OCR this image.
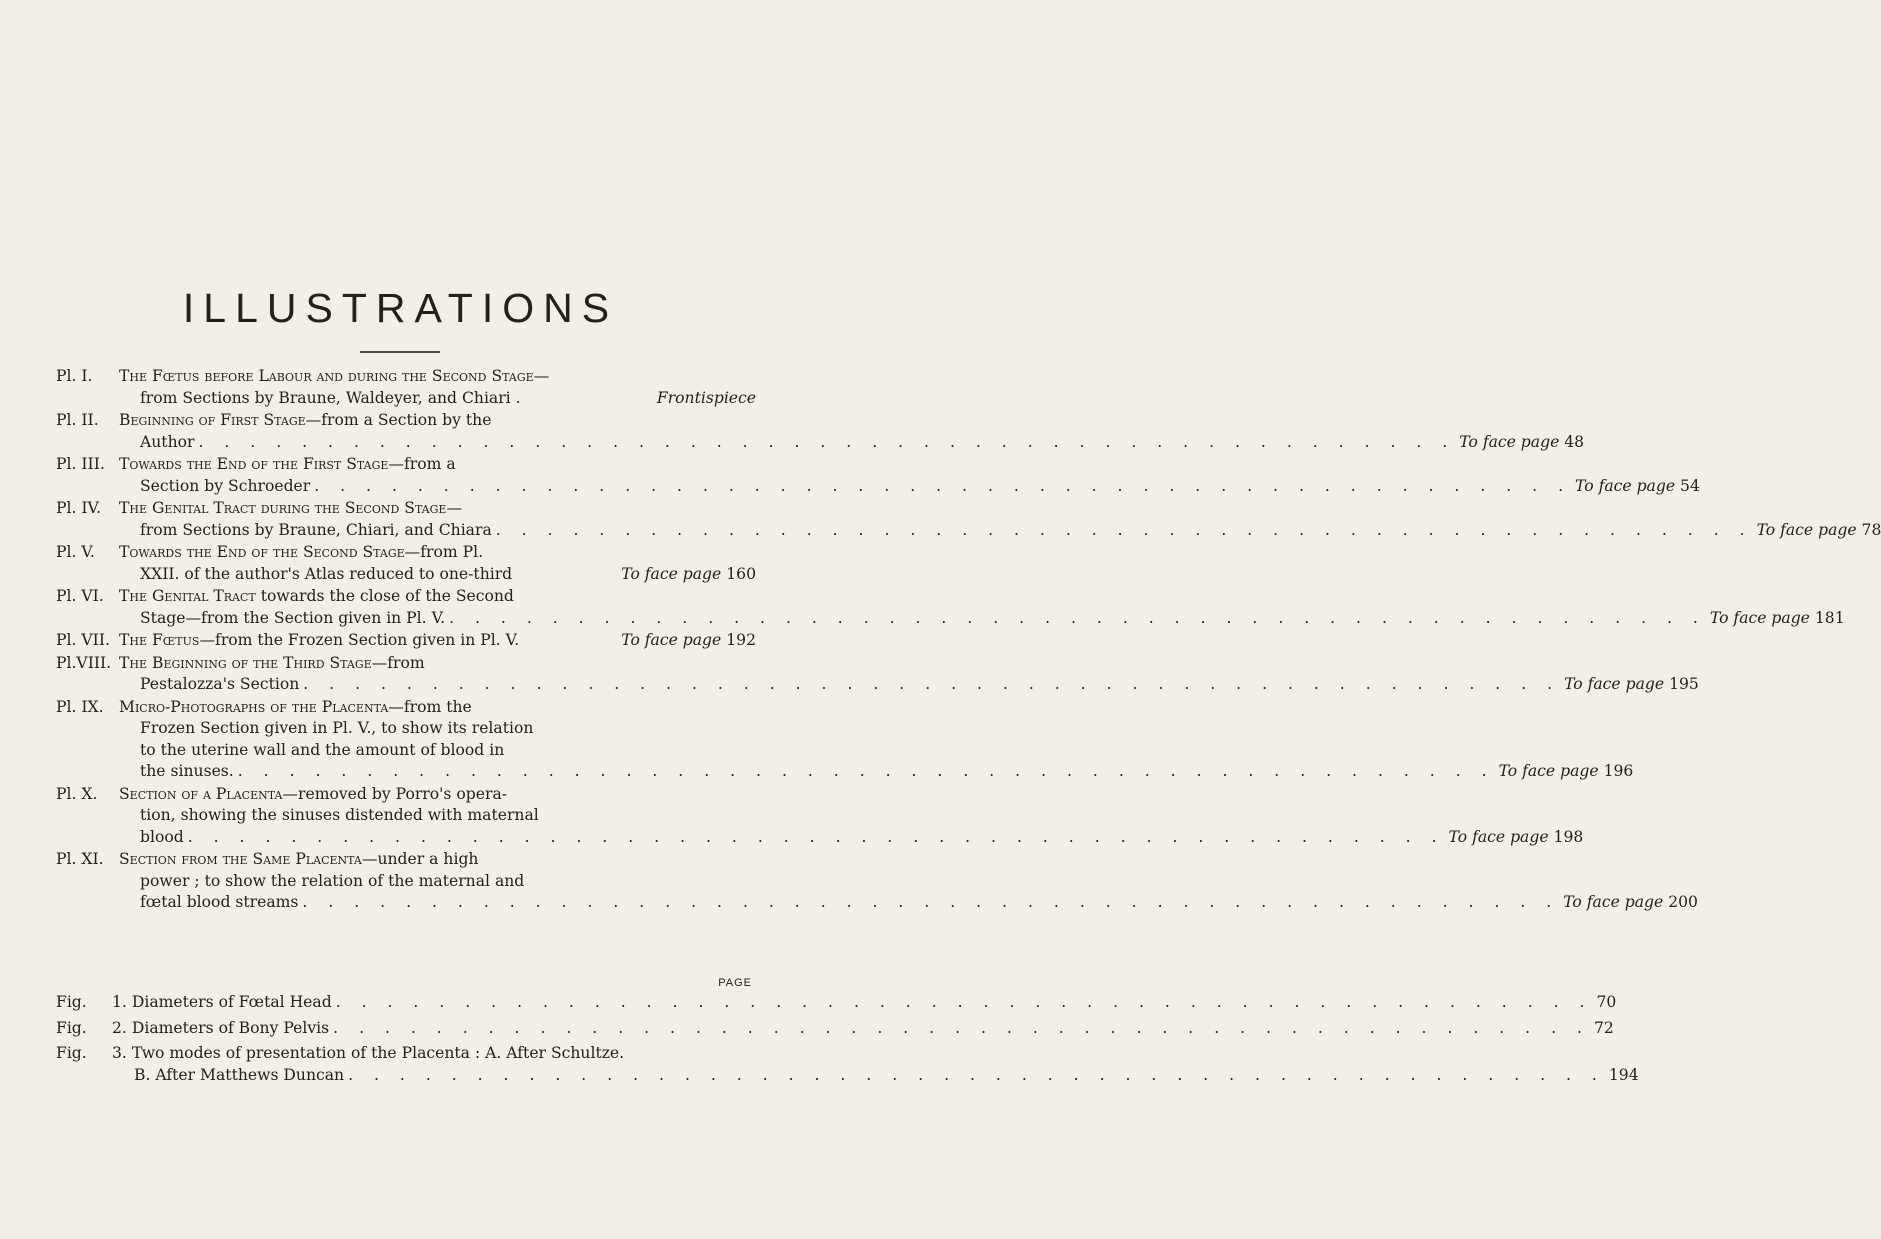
ILLUSTRATIONS
Pl. I. The Fœtus before Labour and during the Second Stage—
from Sections by Braune, Waldeyer, and Chiari .	Frontispiece
Pl. II. Beginning of First Stage —from a Section by the
Author . . . . . . . . . . . . . . . . . . . . . . . . . . . . . . . . . . . . . . . . . . . . . . . . . To face page 48
Pl. III. Towards the End of the First Stage —from a
Section by Schroeder . . . . . . . . . . . . . . . . . . . . . . . . . . . . . . . . . . . . . . . . . . . . . . . . . To face page 54
Pl. IV. The Genital Tract during the Second Stage—
from Sections by Braune, Chiari, and Chiara . . . . . . . . . . . . . . . . . . . . . . . . . . . . . . . . . . . . . . . . . . . . . . . . . To face page 78
Pl. V. Towards the End of the Second Stage —from Pl.
XXII. of the author's Atlas reduced to one-third	To face page 160
Pl. VI. The Genital Tract towards the close of the Second
Stage—from the Section given in Pl. V. . . . . . . . . . . . . . . . . . . . . . . . . . . . . . . . . . . . . . . . . . . . . . . . . . To face page 181
Pl. VII. The Fœtus —from the Frozen Section given in Pl. V.	To face page 192
Pl.VIII. The Beginning of the Third Stage —from
Pestalozza's Section . . . . . . . . . . . . . . . . . . . . . . . . . . . . . . . . . . . . . . . . . . . . . . . . . To face page 195
Pl. IX. Micro-Photographs of the Placenta —from the
Frozen Section given in Pl. V., to show its relation
to the uterine wall and the amount of blood in
the sinuses. . . . . . . . . . . . . . . . . . . . . . . . . . . . . . . . . . . . . . . . . . . . . . . . . . To face page 196
Pl. X. Section of a Placenta —removed by Porro's opera-
tion, showing the sinuses distended with maternal
blood . . . . . . . . . . . . . . . . . . . . . . . . . . . . . . . . . . . . . . . . . . . . . . . . . To face page 198
Pl. XI. Section from the Same Placenta —under a high
power ; to show the relation of the maternal and
fœtal blood streams . . . . . . . . . . . . . . . . . . . . . . . . . . . . . . . . . . . . . . . . . . . . . . . . . To face page 200
PAGE
Fig. 1.
Diameters of Fœtal Head . . . . . . . . . . . . . . . . . . . . . . . . . . . . . . . . . . . . . . . . . . . . . . . . . 70
Fig. 2.
Diameters of Bony Pelvis . . . . . . . . . . . . . . . . . . . . . . . . . . . . . . . . . . . . . . . . . . . . . . . . . 72
Fig. 3.
Two modes of presentation of the Placenta : A. After Schultze.
B. After Matthews Duncan . . . . . . . . . . . . . . . . . . . . . . . . . . . . . . . . . . . . . . . . . . . . . . . . . 194
